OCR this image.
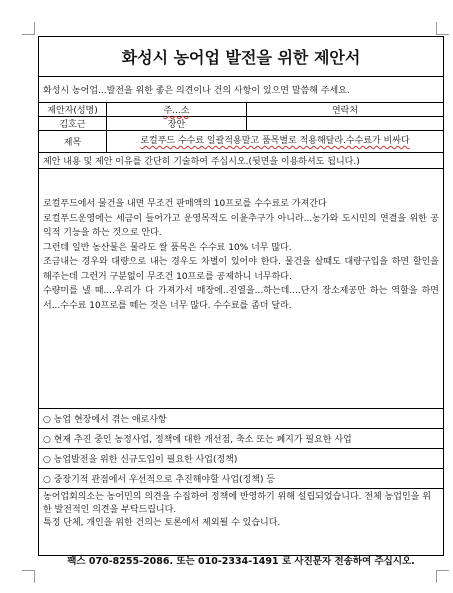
화성시 농어업 발전을 위한 제안서
화성시 농어업...발전을 위한 좋은 의견이나 건의 사항이 있으면 말씀해 주세요.
제안자(성명)	주...소	연락처
김호근	장안
제목	로컬푸드 수수료 일괄적용말고 품목별로 적용해달라.수수료가 비싸다
제안 내용 및 제안 이유를 간단히 기술하여 주십시오.(뒷면을 이용하셔도 됩니다.)

로컬푸드에서 물건을 내면 무조건 판매액의 10프로를 수수료로 가져간다

로컬푸드운영에는 세금이 들어가고 운영목적도 이윤추구가 아니라...농가와 도시민의 연결을 위한 공익적 기능을 하는 것으로 안다.

그런데 일반 농산물은 물라도 쌀 품목은 수수료 10% 너무 많다.

조금내는 경우와 대량으로 내는 경우도 차별이 있어야 한다. 물건을 살때도 대량구입을 하면 할인을 해주는데 그런거 구분없이 무조건 10프로를 공제하니 너무하다.

수량미를 낼 때....우리가 다 가져가서 매장에..진열을...하는데....단지 장소제공만 하는 역할을 하면서...수수료 10프로를 떼는 것은 너무 많다. 수수료를 좀더 달라.

○ 농업 현장에서 겪는 애로사항
○ 현재 추진 중인 농정사업, 정책에 대한 개선점, 축소 또는 폐지가 필요한 사업
○ 농업발전을 위한 신규도입이 필요한 사업(정책)
○ 중장기적 관점에서 우선적으로 추진해야할 사업(정책) 등

농어업회의소는 농어민의 의견을 수집하여 정책에 반영하기 위해 설립되었습니다. 전체 농업인을 위한 발전적인 의견을 부탁드립니다.

특정 단체, 개인을 위한 건의는 토론에서 제외될 수 있습니다.

팩스 070-8255-2086. 또는 010-2334-1491 로 사진문자 전송하여 주십시오.
